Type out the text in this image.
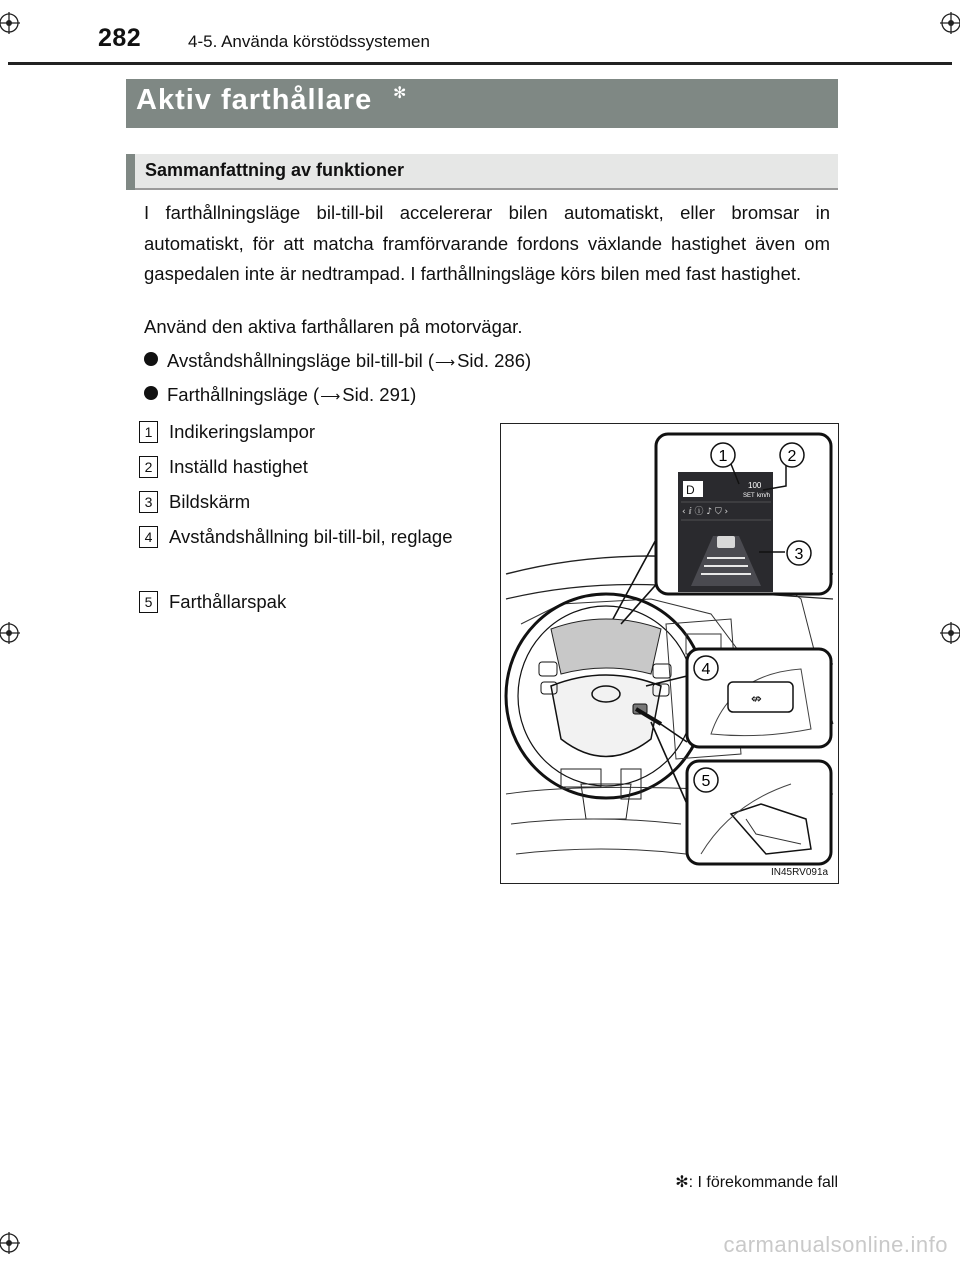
282	4-5. Använda körstödssystemen
Aktiv farthållare ✻
Sammanfattning av funktioner
I farthållningsläge bil-till-bil accelererar bilen automatiskt, eller bromsar in automatiskt, för att matcha framförvarande fordons växlande hastighet även om gaspedalen inte är nedtrampad. I farthållningsläge körs bilen med fast hastighet.
Använd den aktiva farthållaren på motorvägar.
Avståndshållningsläge bil-till-bil (⟶ Sid. 286)
Farthållningsläge (⟶ Sid. 291)
1 Indikeringslampor
2 Inställd hastighet
3 Bildskärm
4 Avståndshållning bil-till-bil, reglage
5 Farthållarspak
D	100
SET km/h
‹ ⅈ ⓘ ♪ ⛉ ›
1	2
3
⇎
4
5
IN45RV091a
✻: I förekommande fall
carmanualsonline.info
